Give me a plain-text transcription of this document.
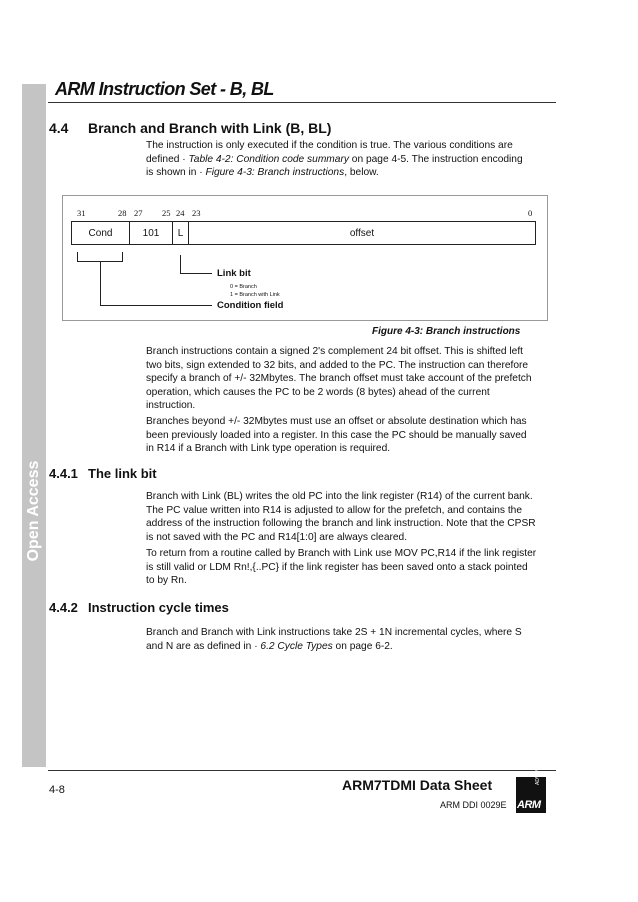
Open Access
ARM Instruction Set - B, BL
4.4 Branch and Branch with Link (B, BL)

The instruction is only executed if the condition is true. The various conditions are

defined · Table 4-2: Condition code summary on page 4-5. The instruction encoding

is shown in · Figure 4-3: Branch instructions, below.

31	28 27 25 24 23	0
Cond	101	L	offset
Link bit
0 = Branch
1 = Branch with Link
Condition field
Figure 4-3: Branch instructions

Branch instructions contain a signed 2's complement 24 bit offset. This is shifted left

two bits, sign extended to 32 bits, and added to the PC. The instruction can therefore

specify a branch of +/- 32Mbytes. The branch offset must take account of the prefetch

operation, which causes the PC to be 2 words (8 bytes) ahead of the current

instruction.

Branches beyond +/- 32Mbytes must use an offset or absolute destination which has

been previously loaded into a register. In this case the PC should be manually saved

in R14 if a Branch with Link type operation is required.

4.4.1 The link bit

Branch with Link (BL) writes the old PC into the link register (R14) of the current bank.

The PC value written into R14 is adjusted to allow for the prefetch, and contains the

address of the instruction following the branch and link instruction. Note that the CPSR

is not saved with the PC and R14[1:0] are always cleared.

To return from a routine called by Branch with Link use MOV PC,R14 if the link register

is still valid or LDM Rn!,{..PC} if the link register has been saved onto a stack pointed

to by Rn.

4.4.2 Instruction cycle times

Branch and Branch with Link instructions take 2S + 1N incremental cycles, where S

and N are as defined in · 6.2 Cycle Types on page 6-2.

4-8	ARM7TDMI Data Sheet
ARM DDI 0029E
ADVANCED RISC MACHINES
ARM
